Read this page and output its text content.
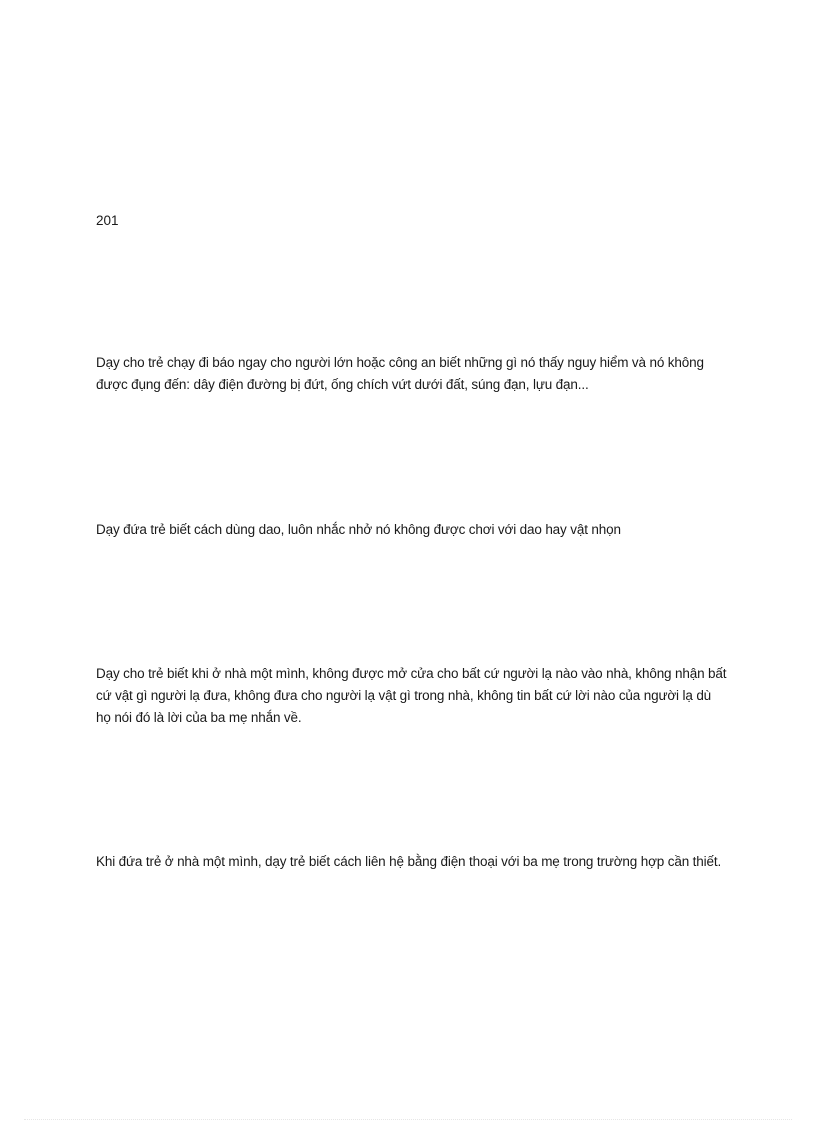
201

Dạy cho trẻ chạy đi báo ngay cho người lớn hoặc công an biết những gì nó thấy nguy hiểm và nó không được đụng đến: dây điện đường bị đứt, ống chích vứt dưới đất, súng đạn, lựu đạn...

Dạy đứa trẻ biết cách dùng dao, luôn nhắc nhở nó không được chơi với dao hay vật nhọn

Dạy cho trẻ biết khi ở nhà một mình, không được mở cửa cho bất cứ người lạ nào vào nhà, không nhận bất cứ vật gì người lạ đưa, không đưa cho người lạ vật gì trong nhà, không tin bất cứ lời nào của người lạ dù họ nói đó là lời của ba mẹ nhắn về.

Khi đứa trẻ ở nhà một mình, dạy trẻ biết cách liên hệ bằng điện thoại với ba mẹ trong trường hợp cần thiết.
